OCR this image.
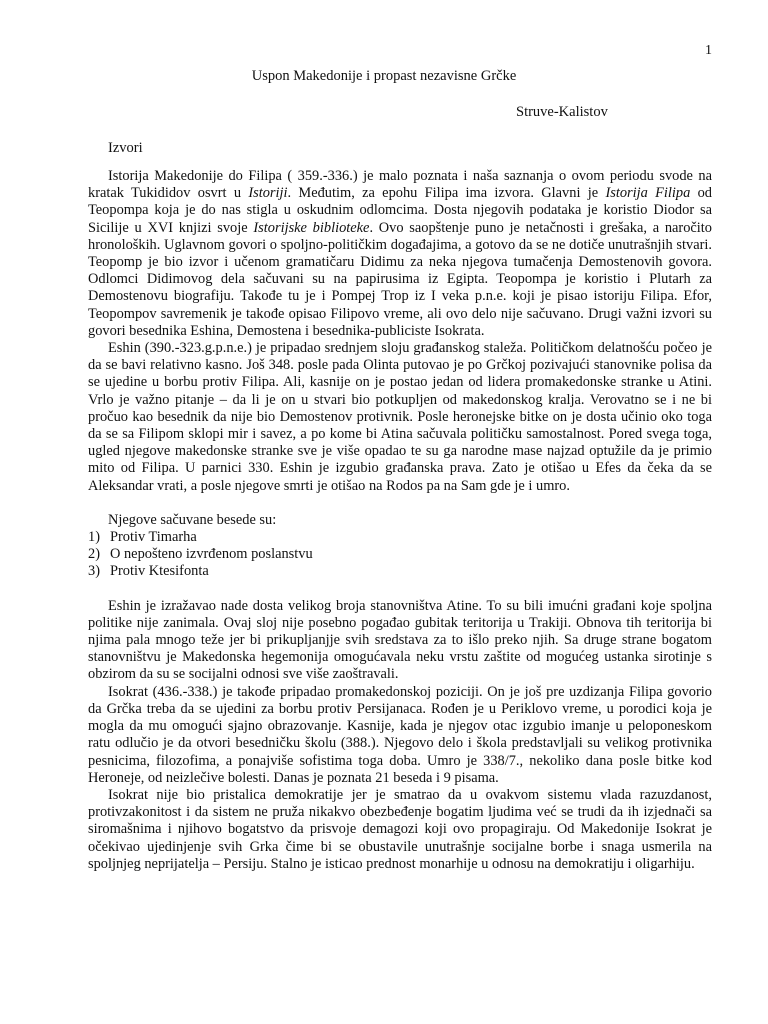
1
Uspon Makedonije i propast nezavisne Grčke
Struve-Kalistov
Izvori

Istorija Makedonije do Filipa ( 359.-336.) je malo poznata i naša saznanja o ovom periodu svode na kratak Tukididov osvrt u Istoriji. Međutim, za epohu Filipa ima izvora. Glavni je Istorija Filipa od Teopompa koja je do nas stigla u oskudnim odlomcima. Dosta njegovih podataka je koristio Diodor sa Sicilije u XVI knjizi svoje Istorijske biblioteke. Ovo saopštenje puno je netačnosti i grešaka, a naročito hronoloških. Uglavnom govori o spoljno-političkim događajima, a gotovo da se ne dotiče unutrašnjih stvari. Teopomp je bio izvor i učenom gramatičaru Didimu za neka njegova tumačenja Demostenovih govora. Odlomci Didimovog dela sačuvani su na papirusima iz Egipta. Teopompa je koristio i Plutarh za Demostenovu biografiju. Takođe tu je i Pompej Trop iz I veka p.n.e. koji je pisao istoriju Filipa. Efor, Teopompov savremenik je takođe opisao Filipovo vreme, ali ovo delo nije sačuvano. Drugi važni izvori su govori besednika Eshina, Demostena i besednika-publiciste Isokrata.

Eshin (390.-323.g.p.n.e.) je pripadao srednjem sloju građanskog staleža. Političkom delatnošću počeo je da se bavi relativno kasno. Još 348. posle pada Olinta putovao je po Grčkoj pozivajući stanovnike polisa da se ujedine u borbu protiv Filipa. Ali, kasnije on je postao jedan od lidera promakedonske stranke u Atini. Vrlo je važno pitanje – da li je on u stvari bio potkupljen od makedonskog kralja. Verovatno se i ne bi pročuo kao besednik da nije bio Demostenov protivnik. Posle heronejske bitke on je dosta učinio oko toga da se sa Filipom sklopi mir i savez, a po kome bi Atina sačuvala političku samostalnost. Pored svega toga, ugled njegove makedonske stranke sve je više opadao te su ga narodne mase najzad optužile da je primio mito od Filipa. U parnici 330. Eshin je izgubio građanska prava. Zato je otišao u Efes da čeka da se Aleksandar vrati, a posle njegove smrti je otišao na Rodos pa na Sam gde je i umro.

Njegove sačuvane besede su:

1 )	Protiv Timarha
2 )	O nepošteno izvrđenom poslanstvu
3 )	Protiv Ktesifonta

Eshin je izražavao nade dosta velikog broja stanovništva Atine. To su bili imućni građani koje spoljna politike nije zanimala. Ovaj sloj nije posebno pogađao gubitak teritorija u Trakiji. Obnova tih teritorija bi njima pala mnogo teže jer bi prikupljanjje svih sredstava za to išlo preko njih. Sa druge strane bogatom stanovništvu je Makedonska hegemonija omogućavala neku vrstu zaštite od mogućeg ustanka sirotinje s obzirom da su se socijalni odnosi sve više zaoštravali.

Isokrat (436.-338.) je takođe pripadao promakedonskoj poziciji. On je još pre uzdizanja Filipa govorio da Grčka treba da se ujedini za borbu protiv Persijanaca. Rođen je u Periklovo vreme, u porodici koja je mogla da mu omogući sjajno obrazovanje. Kasnije, kada je njegov otac izgubio imanje u peloponeskom ratu odlučio je da otvori besedničku školu (388.). Njegovo delo i škola predstavljali su velikog protivnika pesnicima, filozofima, a ponajviše sofistima toga doba. Umro je 338/7., nekoliko dana posle bitke kod Heroneje, od neizlečive bolesti. Danas je poznata 21 beseda i 9 pisama.

Isokrat nije bio pristalica demokratije jer je smatrao da u ovakvom sistemu vlada razuzdanost, protivzakonitost i da sistem ne pruža nikakvo obezbeđenje bogatim ljudima već se trudi da ih izjednači sa siromašnima i njihovo bogatstvo da prisvoje demagozi koji ovo propagiraju. Od Makedonije Isokrat je očekivao ujedinjenje svih Grka čime bi se obustavile unutrašnje socijalne borbe i snaga usmerila na spoljnjeg neprijatelja – Persiju. Stalno je isticao prednost monarhije u odnosu na demokratiju i oligarhiju.
